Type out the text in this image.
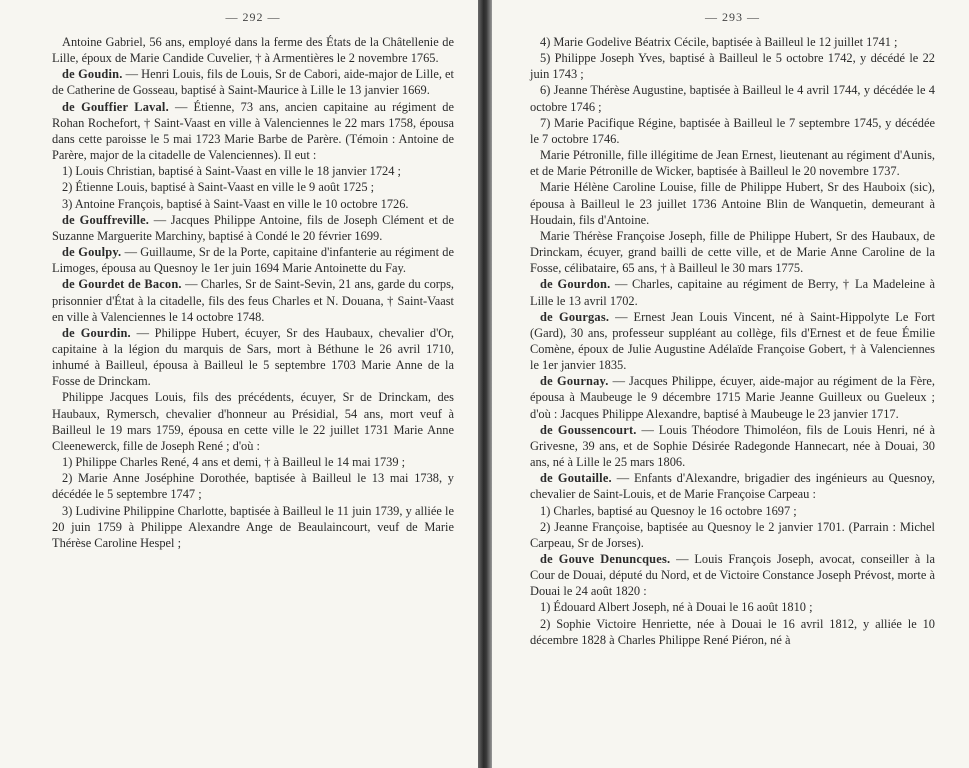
— 292 —

Antoine Gabriel, 56 ans, employé dans la ferme des États de la Châtellenie de Lille, époux de Marie Candide Cuvelier, † à Armentières le 2 novembre 1765.

de Goudin. — Henri Louis, fils de Louis, Sr de Cabori, aide-major de Lille, et de Catherine de Gosseau, baptisé à Saint-Maurice à Lille le 13 janvier 1669.

de Gouffier Laval. — Étienne, 73 ans, ancien capitaine au régiment de Rohan Rochefort, † Saint-Vaast en ville à Valenciennes le 22 mars 1758, épousa dans cette paroisse le 5 mai 1723 Marie Barbe de Parère. (Témoin : Antoine de Parère, major de la citadelle de Valenciennes). Il eut :

1) Louis Christian, baptisé à Saint-Vaast en ville le 18 janvier 1724 ;

2) Étienne Louis, baptisé à Saint-Vaast en ville le 9 août 1725 ;

3) Antoine François, baptisé à Saint-Vaast en ville le 10 octobre 1726.

de Gouffreville. — Jacques Philippe Antoine, fils de Joseph Clément et de Suzanne Marguerite Marchiny, baptisé à Condé le 20 février 1699.

de Goulpy. — Guillaume, Sr de la Porte, capitaine d'infanterie au régiment de Limoges, épousa au Quesnoy le 1er juin 1694 Marie Antoinette du Fay.

de Gourdet de Bacon. — Charles, Sr de Saint-Sevin, 21 ans, garde du corps, prisonnier d'État à la citadelle, fils des feus Charles et N. Douana, † Saint-Vaast en ville à Valenciennes le 14 octobre 1748.

de Gourdin. — Philippe Hubert, écuyer, Sr des Haubaux, chevalier d'Or, capitaine à la légion du marquis de Sars, mort à Béthune le 26 avril 1710, inhumé à Bailleul, épousa à Bailleul le 5 septembre 1703 Marie Anne de la Fosse de Drinckam.

Philippe Jacques Louis, fils des précédents, écuyer, Sr de Drinckam, des Haubaux, Rymersch, chevalier d'honneur au Présidial, 54 ans, mort veuf à Bailleul le 19 mars 1759, épousa en cette ville le 22 juillet 1731 Marie Anne Cleenewerck, fille de Joseph René ; d'où :

1) Philippe Charles René, 4 ans et demi, † à Bailleul le 14 mai 1739 ;

2) Marie Anne Joséphine Dorothée, baptisée à Bailleul le 13 mai 1738, y décédée le 5 septembre 1747 ;

3) Ludivine Philippine Charlotte, baptisée à Bailleul le 11 juin 1739, y alliée le 20 juin 1759 à Philippe Alexandre Ange de Beaulaincourt, veuf de Marie Thérèse Caroline Hespel ;

— 293 —

4) Marie Godelive Béatrix Cécile, baptisée à Bailleul le 12 juillet 1741 ;

5) Philippe Joseph Yves, baptisé à Bailleul le 5 octobre 1742, y décédé le 22 juin 1743 ;

6) Jeanne Thérèse Augustine, baptisée à Bailleul le 4 avril 1744, y décédée le 4 octobre 1746 ;

7) Marie Pacifique Régine, baptisée à Bailleul le 7 septembre 1745, y décédée le 7 octobre 1746.

Marie Pétronille, fille illégitime de Jean Ernest, lieutenant au régiment d'Aunis, et de Marie Pétronille de Wicker, baptisée à Bailleul le 20 novembre 1737.

Marie Hélène Caroline Louise, fille de Philippe Hubert, Sr des Hauboix (sic), épousa à Bailleul le 23 juillet 1736 Antoine Blin de Wanquetin, demeurant à Houdain, fils d'Antoine.

Marie Thérèse Françoise Joseph, fille de Philippe Hubert, Sr des Haubaux, de Drinckam, écuyer, grand bailli de cette ville, et de Marie Anne Caroline de la Fosse, célibataire, 65 ans, † à Bailleul le 30 mars 1775.

de Gourdon. — Charles, capitaine au régiment de Berry, † La Madeleine à Lille le 13 avril 1702.

de Gourgas. — Ernest Jean Louis Vincent, né à Saint-Hippolyte Le Fort (Gard), 30 ans, professeur suppléant au collège, fils d'Ernest et de feue Émilie Comène, époux de Julie Augustine Adélaïde Françoise Gobert, † à Valenciennes le 1er janvier 1835.

de Gournay. — Jacques Philippe, écuyer, aide-major au régiment de la Fère, épousa à Maubeuge le 9 décembre 1715 Marie Jeanne Guilleux ou Gueleux ; d'où : Jacques Philippe Alexandre, baptisé à Maubeuge le 23 janvier 1717.

de Goussencourt. — Louis Théodore Thimoléon, fils de Louis Henri, né à Grivesne, 39 ans, et de Sophie Désirée Radegonde Hannecart, née à Douai, 30 ans, né à Lille le 25 mars 1806.

de Goutaille. — Enfants d'Alexandre, brigadier des ingénieurs au Quesnoy, chevalier de Saint-Louis, et de Marie Françoise Carpeau :

1) Charles, baptisé au Quesnoy le 16 octobre 1697 ;

2) Jeanne Françoise, baptisée au Quesnoy le 2 janvier 1701. (Parrain : Michel Carpeau, Sr de Jorses).

de Gouve Denuncques. — Louis François Joseph, avocat, conseiller à la Cour de Douai, député du Nord, et de Victoire Constance Joseph Prévost, morte à Douai le 24 août 1820 :

1) Édouard Albert Joseph, né à Douai le 16 août 1810 ;

2) Sophie Victoire Henriette, née à Douai le 16 avril 1812, y alliée le 10 décembre 1828 à Charles Philippe René Piéron, né à
